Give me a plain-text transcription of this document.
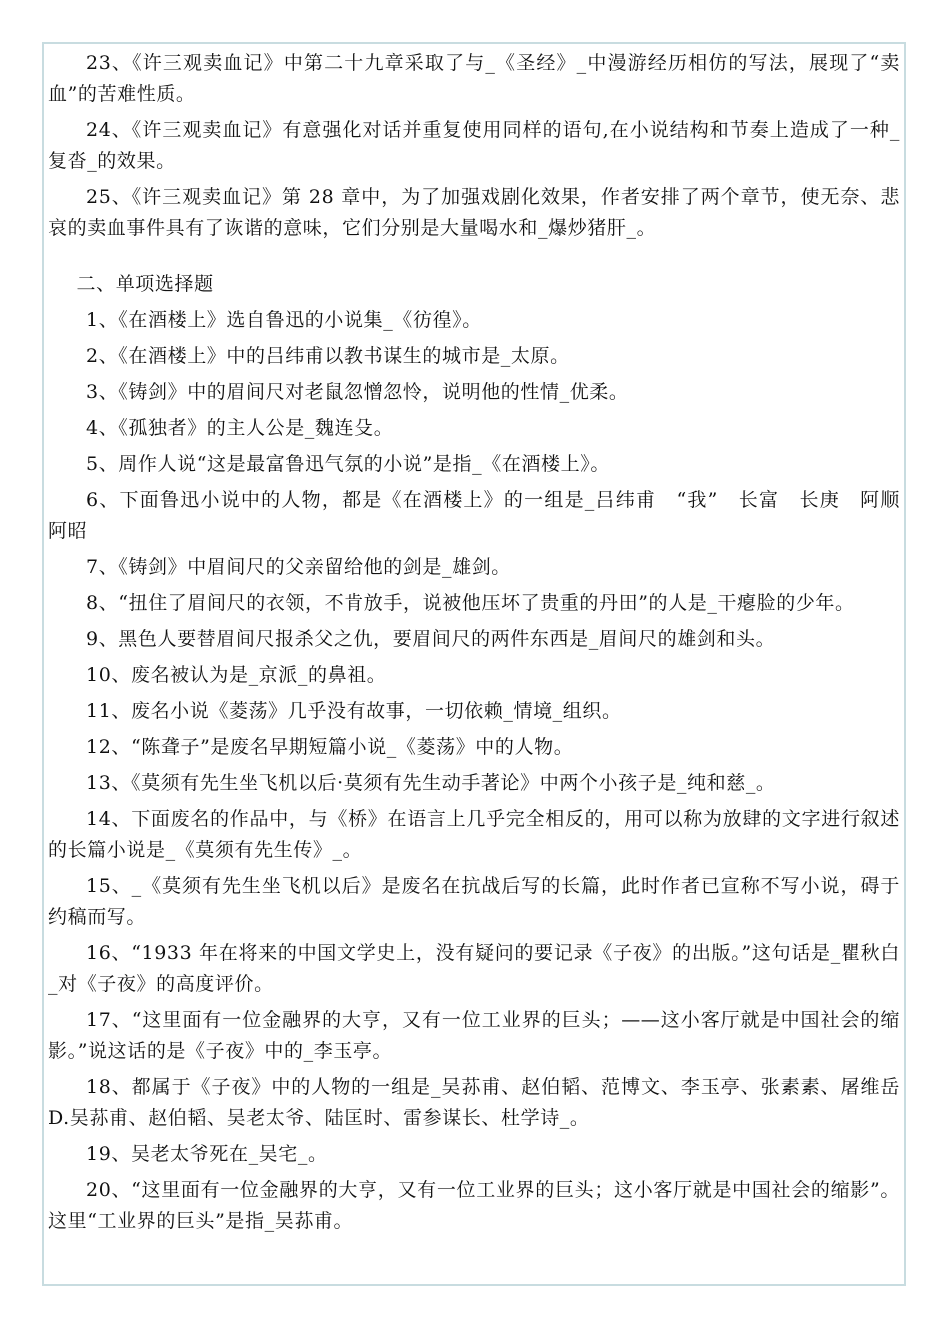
23、《许三观卖血记》中第二十九章采取了与_《圣经》_中漫游经历相仿的写法，展现了“卖血”的苦难性质。

24、《许三观卖血记》有意强化对话并重复使用同样的语句,在小说结构和节奏上造成了一种_复沓_的效果。

25、《许三观卖血记》第 28 章中，为了加强戏剧化效果，作者安排了两个章节，使无奈、悲哀的卖血事件具有了诙谐的意味，它们分别是大量喝水和_爆炒猪肝_。

二、单项选择题

1、《在酒楼上》选自鲁迅的小说集_《彷徨》。

2、《在酒楼上》中的吕纬甫以教书谋生的城市是_太原。

3、《铸剑》中的眉间尺对老鼠忽憎忽怜，说明他的性情_优柔。

4、《孤独者》的主人公是_魏连殳。

5、周作人说“这是最富鲁迅气氛的小说”是指_《在酒楼上》。

6、下面鲁迅小说中的人物，都是《在酒楼上》的一组是_吕纬甫　“我”　长富　长庚　阿顺　阿昭

7、《铸剑》中眉间尺的父亲留给他的剑是_雄剑。

8、“扭住了眉间尺的衣领，不肯放手，说被他压坏了贵重的丹田”的人是_干瘪脸的少年。

9、黑色人要替眉间尺报杀父之仇，要眉间尺的两件东西是_眉间尺的雄剑和头。

10、废名被认为是_京派_的鼻祖。

11、废名小说《菱荡》几乎没有故事，一切依赖_情境_组织。

12、“陈聋子”是废名早期短篇小说_《菱荡》中的人物。

13、《莫须有先生坐飞机以后·莫须有先生动手著论》中两个小孩子是_纯和慈_。

14、下面废名的作品中，与《桥》在语言上几乎完全相反的，用可以称为放肆的文字进行叙述的长篇小说是_《莫须有先生传》_。

15、_《莫须有先生坐飞机以后》是废名在抗战后写的长篇，此时作者已宣称不写小说，碍于约稿而写。

16、“1933 年在将来的中国文学史上，没有疑问的要记录《子夜》的出版。”这句话是_瞿秋白_对《子夜》的高度评价。

17、“这里面有一位金融界的大亨，又有一位工业界的巨头；——这小客厅就是中国社会的缩影。”说这话的是《子夜》中的_李玉亭。

18、都属于《子夜》中的人物的一组是_吴荪甫、赵伯韬、范博文、李玉亭、张素素、屠维岳　　D.吴荪甫、赵伯韬、吴老太爷、陆匡时、雷参谋长、杜学诗_。

19、吴老太爷死在_吴宅_。

20、“这里面有一位金融界的大亨，又有一位工业界的巨头；这小客厅就是中国社会的缩影”。这里“工业界的巨头”是指_吴荪甫。
